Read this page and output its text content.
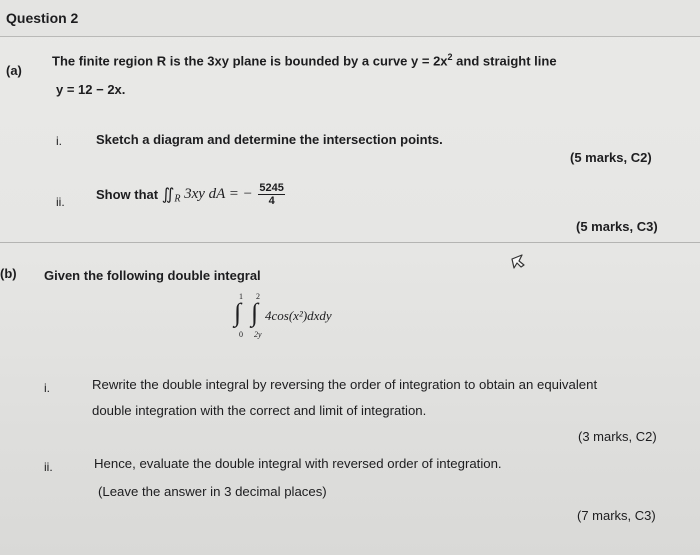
Question 2
(a)
The finite region R is the 3xy plane is bounded by a curve $y = 2x^2$ and straight line
y = 12 − 2x.
i.	Sketch a diagram and determine the intersection points.
(5 marks, C2)
ii. Show that $∬_R$ 3xy dA = − $\frac{5245}{4}$
(5 marks, C3)
(b) Given the following double integral
1
∫
0
2
∫
2y
4cos(x²)dxdy
i.	Rewrite the double integral by reversing the order of integration to obtain an equivalent
double integration with the correct and limit of integration.
(3 marks, C2)
ii.	Hence, evaluate the double integral with reversed order of integration.
(Leave the answer in 3 decimal places)
(7 marks, C3)
